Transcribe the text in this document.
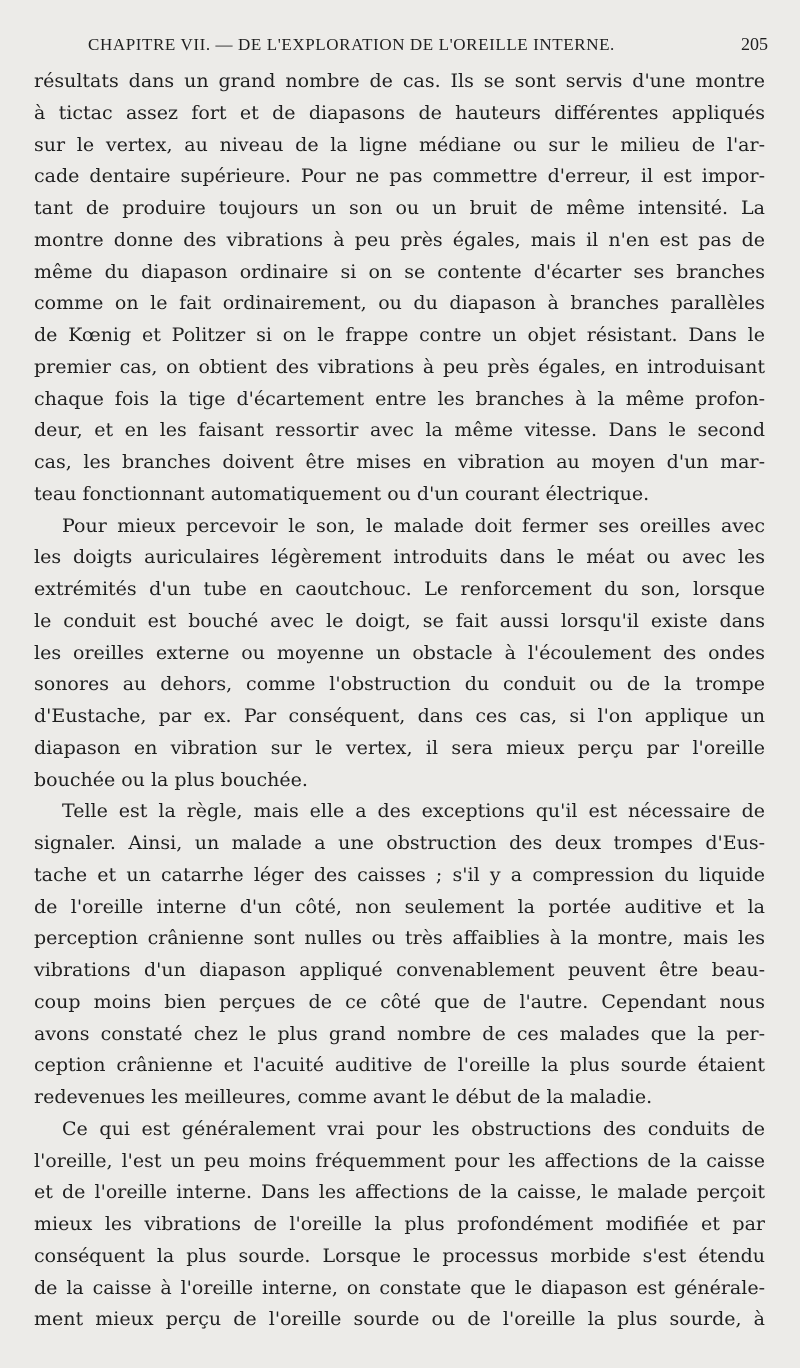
CHAPITRE VII. — DE L'EXPLORATION DE L'OREILLE INTERNE.	205

résultats dans un grand nombre de cas. Ils se sont servis d'une montre
à tictac assez fort et de diapasons de hauteurs différentes appliqués
sur le vertex, au niveau de la ligne médiane ou sur le milieu de l'ar-
cade dentaire supérieure. Pour ne pas commettre d'erreur, il est impor-
tant de produire toujours un son ou un bruit de même intensité. La
montre donne des vibrations à peu près égales, mais il n'en est pas de
même du diapason ordinaire si on se contente d'écarter ses branches
comme on le fait ordinairement, ou du diapason à branches parallèles
de Kœnig et Politzer si on le frappe contre un objet résistant. Dans le
premier cas, on obtient des vibrations à peu près égales, en introduisant
chaque fois la tige d'écartement entre les branches à la même profon-
deur, et en les faisant ressortir avec la même vitesse. Dans le second
cas, les branches doivent être mises en vibration au moyen d'un mar-
teau fonctionnant automatiquement ou d'un courant électrique.

Pour mieux percevoir le son, le malade doit fermer ses oreilles avec
les doigts auriculaires légèrement introduits dans le méat ou avec les
extrémités d'un tube en caoutchouc. Le renforcement du son, lorsque
le conduit est bouché avec le doigt, se fait aussi lorsqu'il existe dans
les oreilles externe ou moyenne un obstacle à l'écoulement des ondes
sonores au dehors, comme l'obstruction du conduit ou de la trompe
d'Eustache, par ex. Par conséquent, dans ces cas, si l'on applique un
diapason en vibration sur le vertex, il sera mieux perçu par l'oreille
bouchée ou la plus bouchée.

Telle est la règle, mais elle a des exceptions qu'il est nécessaire de
signaler. Ainsi, un malade a une obstruction des deux trompes d'Eus-
tache et un catarrhe léger des caisses ; s'il y a compression du liquide
de l'oreille interne d'un côté, non seulement la portée auditive et la
perception crânienne sont nulles ou très affaiblies à la montre, mais les
vibrations d'un diapason appliqué convenablement peuvent être beau-
coup moins bien perçues de ce côté que de l'autre. Cependant nous
avons constaté chez le plus grand nombre de ces malades que la per-
ception crânienne et l'acuité auditive de l'oreille la plus sourde étaient
redevenues les meilleures, comme avant le début de la maladie.

Ce qui est généralement vrai pour les obstructions des conduits de
l'oreille, l'est un peu moins fréquemment pour les affections de la caisse
et de l'oreille interne. Dans les affections de la caisse, le malade perçoit
mieux les vibrations de l'oreille la plus profondément modifiée et par
conséquent la plus sourde. Lorsque le processus morbide s'est étendu
de la caisse à l'oreille interne, on constate que le diapason est générale-
ment mieux perçu de l'oreille sourde ou de l'oreille la plus sourde, à
